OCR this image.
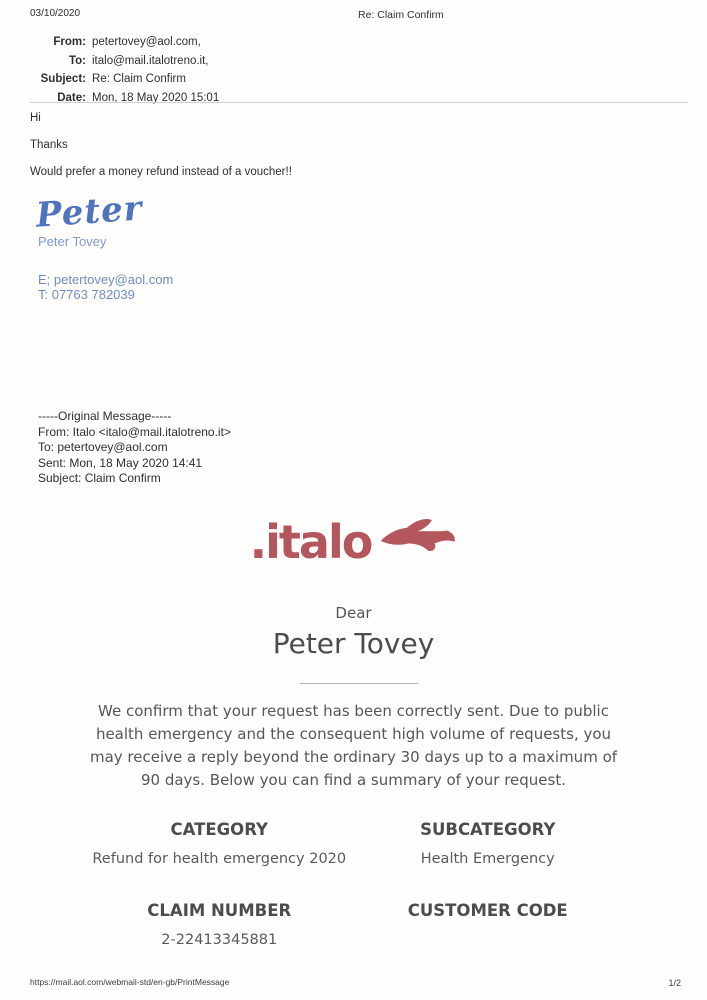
03/10/2020	Re: Claim Confirm
From: petertovey@aol.com,
To: italo@mail.italotreno.it,
Subject: Re: Claim Confirm
Date: Mon, 18 May 2020 15:01
Hi
Thanks
Would prefer a money refund instead of a voucher!!
Peter
Peter Tovey
E; petertovey@aol.com
T: 07763 782039
-----Original Message-----
From: Italo <italo@mail.italotreno.it>
To: petertovey@aol.com
Sent: Mon, 18 May 2020 14:41
Subject: Claim Confirm
.italo
Dear
Peter Tovey
We confirm that your request has been correctly sent. Due to public health emergency and the consequent high volume of requests, you may receive a reply beyond the ordinary 30 days up to a maximum of 90 days. Below you can find a summary of your request.
CATEGORY	SUBCATEGORY
Refund for health emergency 2020	Health Emergency
CLAIM NUMBER	CUSTOMER CODE
2-22413345881
https://mail.aol.com/webmail-std/en-gb/PrintMessage	1/2
